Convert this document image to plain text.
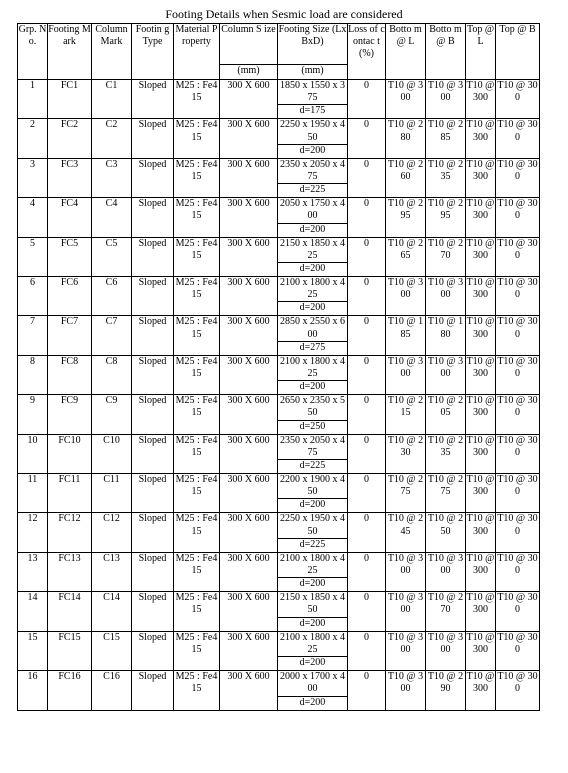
Footing Details when Sesmic load are considered
Grp. No.	Footing Mark	Column Mark	Footin g Type	Material Property	Column S ize	Footing Size (LxBxD)	Loss of contac t (%)	Botto m @ L	Botto m @ B	Top @ L	Top @ B
					(mm)	(mm)					
1	FC1	C1	Sloped	M25 : Fe415	300 X 600	1850 x 1550 x 375	0	T10 @ 300	T10 @ 300	T10 @ 300	T10 @ 300
						d=175					
2	FC2	C2	Sloped	M25 : Fe415	300 X 600	2250 x 1950 x 450	0	T10 @ 280	T10 @ 285	T10 @ 300	T10 @ 300
						d=200					
3	FC3	C3	Sloped	M25 : Fe415	300 X 600	2350 x 2050 x 475	0	T10 @ 260	T10 @ 235	T10 @ 300	T10 @ 300
						d=225					
4	FC4	C4	Sloped	M25 : Fe415	300 X 600	2050 x 1750 x 400	0	T10 @ 295	T10 @ 295	T10 @ 300	T10 @ 300
						d=200					
5	FC5	C5	Sloped	M25 : Fe415	300 X 600	2150 x 1850 x 425	0	T10 @ 265	T10 @ 270	T10 @ 300	T10 @ 300
						d=200					
6	FC6	C6	Sloped	M25 : Fe415	300 X 600	2100 x 1800 x 425	0	T10 @ 300	T10 @ 300	T10 @ 300	T10 @ 300
						d=200					
7	FC7	C7	Sloped	M25 : Fe415	300 X 600	2850 x 2550 x 600	0	T10 @ 185	T10 @ 180	T10 @ 300	T10 @ 300
						d=275					
8	FC8	C8	Sloped	M25 : Fe415	300 X 600	2100 x 1800 x 425	0	T10 @ 300	T10 @ 300	T10 @ 300	T10 @ 300
						d=200					
9	FC9	C9	Sloped	M25 : Fe415	300 X 600	2650 x 2350 x 550	0	T10 @ 215	T10 @ 205	T10 @ 300	T10 @ 300
						d=250					
10	FC10	C10	Sloped	M25 : Fe415	300 X 600	2350 x 2050 x 475	0	T10 @ 230	T10 @ 235	T10 @ 300	T10 @ 300
						d=225					
11	FC11	C11	Sloped	M25 : Fe415	300 X 600	2200 x 1900 x 450	0	T10 @ 275	T10 @ 275	T10 @ 300	T10 @ 300
						d=200					
12	FC12	C12	Sloped	M25 : Fe415	300 X 600	2250 x 1950 x 450	0	T10 @ 245	T10 @ 250	T10 @ 300	T10 @ 300
						d=225					
13	FC13	C13	Sloped	M25 : Fe415	300 X 600	2100 x 1800 x 425	0	T10 @ 300	T10 @ 300	T10 @ 300	T10 @ 300
						d=200					
14	FC14	C14	Sloped	M25 : Fe415	300 X 600	2150 x 1850 x 450	0	T10 @ 300	T10 @ 270	T10 @ 300	T10 @ 300
						d=200					
15	FC15	C15	Sloped	M25 : Fe415	300 X 600	2100 x 1800 x 425	0	T10 @ 300	T10 @ 300	T10 @ 300	T10 @ 300
						d=200					
16	FC16	C16	Sloped	M25 : Fe415	300 X 600	2000 x 1700 x 400	0	T10 @ 300	T10 @ 290	T10 @ 300	T10 @ 300
						d=200					
